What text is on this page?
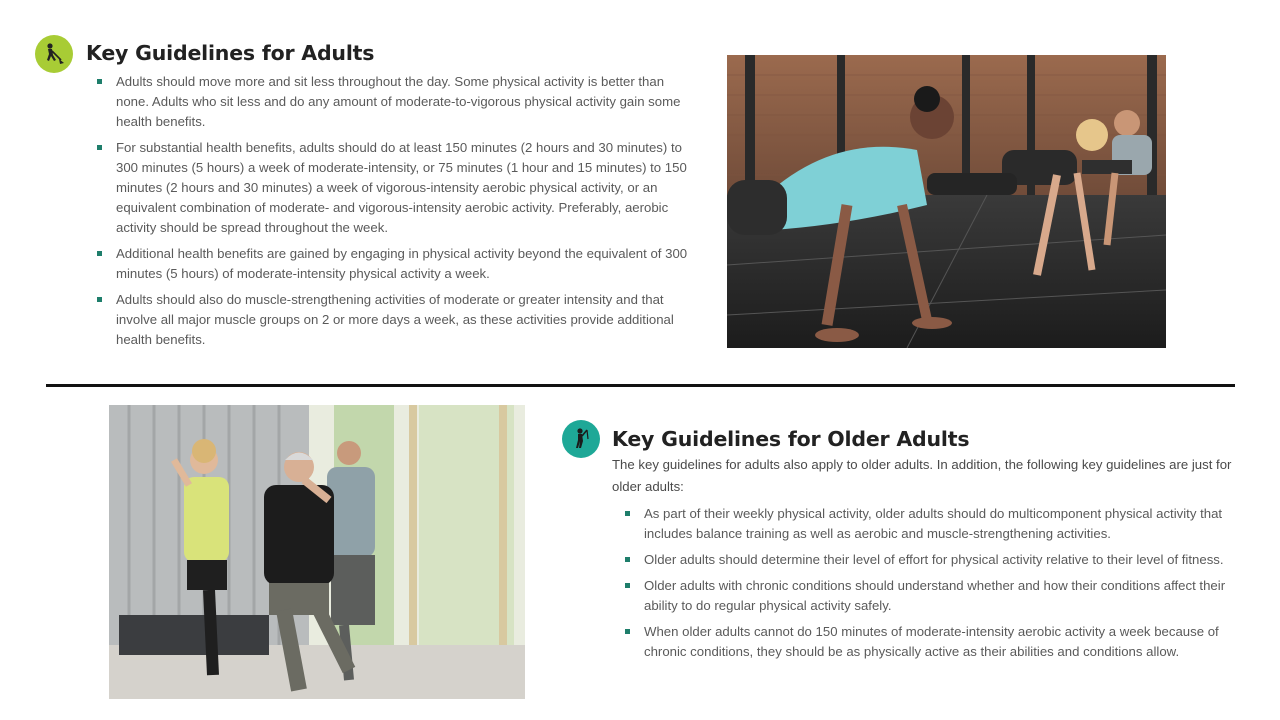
Key Guidelines for Adults
Adults should move more and sit less throughout the day. Some physical activity is better than none. Adults who sit less and do any amount of moderate-to-vigorous physical activity gain some health benefits.
For substantial health benefits, adults should do at least 150 minutes (2 hours and 30 minutes) to 300 minutes (5 hours) a week of moderate-intensity, or 75 minutes (1 hour and 15 minutes) to 150 minutes (2 hours and 30 minutes) a week of vigorous-intensity aerobic physical activity, or an equivalent combination of moderate- and vigorous-intensity aerobic activity. Preferably, aerobic activity should be spread throughout the week.
Additional health benefits are gained by engaging in physical activity beyond the equivalent of 300 minutes (5 hours) of moderate-intensity physical activity a week.
Adults should also do muscle-strengthening activities of moderate or greater intensity and that involve all major muscle groups on 2 or more days a week, as these activities provide additional health benefits.
Key Guidelines for Older Adults
The key guidelines for adults also apply to older adults. In addition, the following key guidelines are just for older adults:
As part of their weekly physical activity, older adults should do multicomponent physical activity that includes balance training as well as aerobic and muscle-strengthening activities.
Older adults should determine their level of effort for physical activity relative to their level of fitness.
Older adults with chronic conditions should understand whether and how their conditions affect their ability to do regular physical activity safely.
When older adults cannot do 150 minutes of moderate-intensity aerobic activity a week because of chronic conditions, they should be as physically active as their abilities and conditions allow.
